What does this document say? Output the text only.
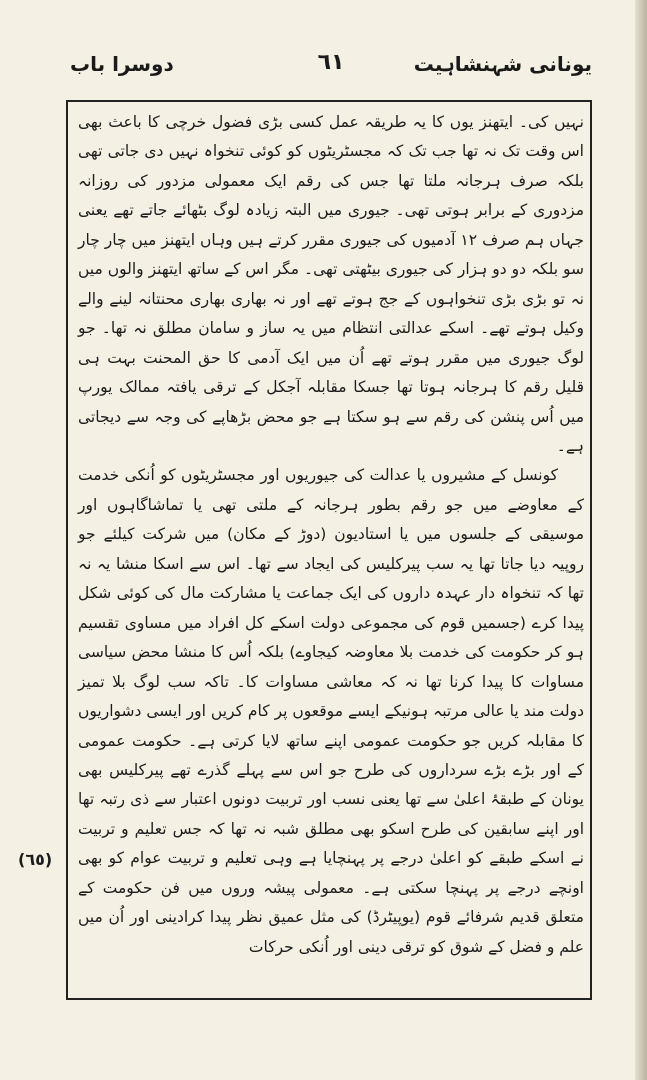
یونانی شہنشاہیت
٦١
دوسرا باب

نہیں کی۔ ایتھنز یوں کا یہ طریقہ عمل کسی بڑی فضول خرچی کا باعث بھی اس وقت تک نہ تھا جب تک کہ مجسٹریٹوں کو کوئی تنخواہ نہیں دی جاتی تھی بلکہ صرف ہرجانہ ملتا تھا جس کی رقم ایک معمولی مزدور کی روزانہ مزدوری کے برابر ہوتی تھی۔ جیوری میں البتہ زیادہ لوگ بٹھائے جاتے تھے یعنی جہاں ہم صرف ١٢ آدمیوں کی جیوری مقرر کرتے ہیں وہاں ایتھنز میں چار چار سو بلکہ دو دو ہزار کی جیوری بیٹھتی تھی۔ مگر اس کے ساتھ ایتھنز والوں میں نہ تو بڑی بڑی تنخواہوں کے جج ہوتے تھے اور نہ بھاری بھاری محنتانہ لینے والے وکیل ہوتے تھے۔ اسکے عدالتی انتظام میں یہ ساز و سامان مطلق نہ تھا۔ جو لوگ جیوری میں مقرر ہوتے تھے اُن میں ایک آدمی کا حق المحنت بہت ہی قلیل رقم کا ہرجانہ ہوتا تھا جسکا مقابلہ آجکل کے ترقی یافتہ ممالک یورپ میں اُس پنشن کی رقم سے ہو سکتا ہے جو محض بڑھاپے کی وجہ سے دیجاتی ہے۔

کونسل کے مشیروں یا عدالت کی جیوریوں اور مجسٹریٹوں کو اُنکی خدمت کے معاوضے میں جو رقم بطور ہرجانہ کے ملتی تھی یا تماشاگاہوں اور موسیقی کے جلسوں میں یا استادیون (دوڑ کے مکان) میں شرکت کیلئے جو روپیہ دیا جاتا تھا یہ سب پیرکلیس کی ایجاد سے تھا۔ اس سے اسکا منشا یہ نہ تھا کہ تنخواہ دار عہدہ داروں کی ایک جماعت یا مشارکت مال کی کوئی شکل پیدا کرے (جسمیں قوم کی مجموعی دولت اسکے کل افراد میں مساوی تقسیم ہو کر حکومت کی خدمت بلا معاوضہ کیجاوے) بلکہ اُس کا منشا محض سیاسی مساوات کا پیدا کرنا تھا نہ کہ معاشی مساوات کا۔ تاکہ سب لوگ بلا تمیز دولت مند یا عالی مرتبہ ہونیکے ایسے موقعوں پر کام کریں اور ایسی دشواریوں کا مقابلہ کریں جو حکومت عمومی اپنے ساتھ لایا کرتی ہے۔ حکومت عمومی کے اور بڑے بڑے سرداروں کی طرح جو اس سے پہلے گذرے تھے پیرکلیس بھی یونان کے طبقۂ اعلیٰ سے تھا یعنی نسب اور تربیت دونوں اعتبار سے ذی رتبہ تھا اور اپنے سابقین کی طرح اسکو بھی مطلق شبہ نہ تھا کہ جس تعلیم و تربیت نے اسکے طبقے کو اعلیٰ درجے پر پہنچایا ہے وہی تعلیم و تربیت عوام کو بھی اونچے درجے پر پہنچا سکتی ہے۔ معمولی پیشہ وروں میں فن حکومت کے متعلق قدیم شرفائے قوم (یوپیٹرڈ) کی مثل عمیق نظر پیدا کرادینی اور اُن میں علم و فضل کے شوق کو ترقی دینی اور اُنکی حرکات

(٦٥)
